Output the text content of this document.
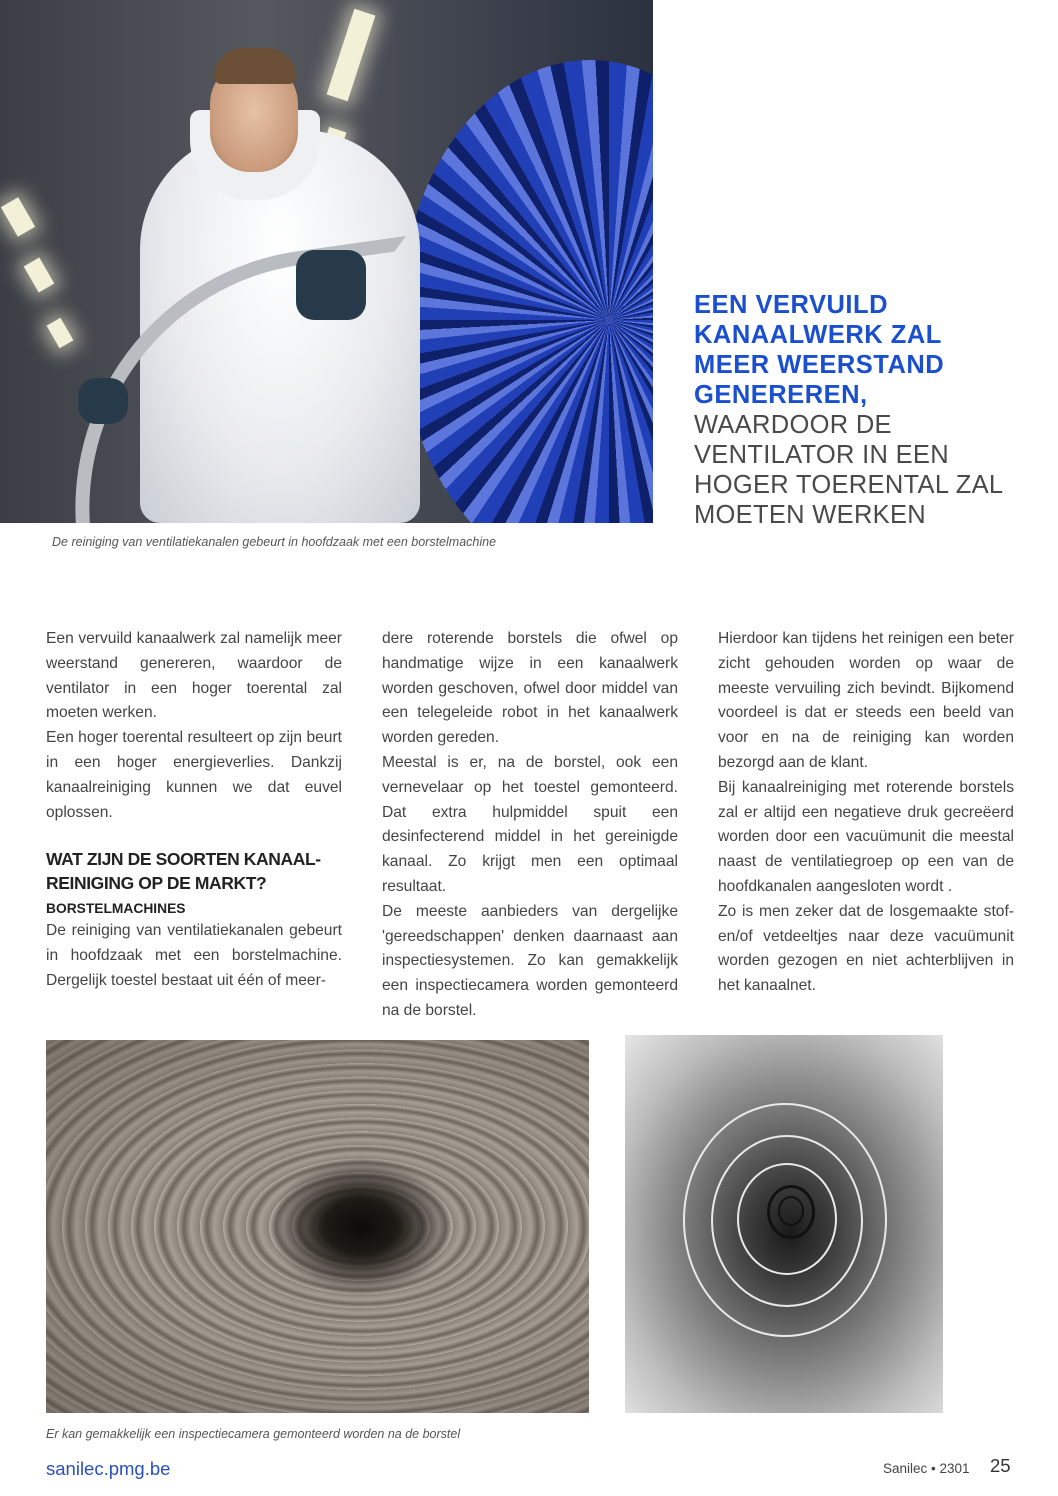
De reiniging van ventilatiekanalen gebeurt in hoofdzaak met een borstelmachine
EEN VERVUILD
KANAALWERK ZAL
MEER WEERSTAND
GENEREREN,
WAARDOOR DE
VENTILATOR IN EEN
HOGER TOERENTAL ZAL
MOETEN WERKEN

Een vervuild kanaalwerk zal namelijk meer weerstand genereren, waardoor de ventilator in een hoger toerental zal moeten werken.

Een hoger toerental resulteert op zijn beurt in een hoger energieverlies. Dankzij kanaalreiniging kunnen we dat euvel oplossen.

WAT ZIJN DE SOORTEN KANAAL-REINIGING OP DE MARKT?
BORSTELMACHINES

De reiniging van ventilatiekanalen gebeurt in hoofdzaak met een borstelmachine. Dergelijk toestel bestaat uit één of meer-

dere roterende borstels die ofwel op handmatige wijze in een kanaalwerk worden geschoven, ofwel door middel van een telegeleide robot in het kanaalwerk worden gereden.

Meestal is er, na de borstel, ook een vernevelaar op het toestel gemonteerd. Dat extra hulpmiddel spuit een desinfecterend middel in het gereinigde kanaal. Zo krijgt men een optimaal resultaat.

De meeste aanbieders van dergelijke 'gereedschappen' denken daarnaast aan inspectiesystemen. Zo kan gemakkelijk een inspectiecamera worden gemonteerd na de borstel.

Hierdoor kan tijdens het reinigen een beter zicht gehouden worden op waar de meeste vervuiling zich bevindt. Bijkomend voordeel is dat er steeds een beeld van voor en na de reiniging kan worden bezorgd aan de klant.

Bij kanaalreiniging met roterende borstels zal er altijd een negatieve druk gecreëerd worden door een vacuümunit die meestal naast de ventilatiegroep op een van de hoofdkanalen aangesloten wordt .

Zo is men zeker dat de losgemaakte stof-en/of vetdeeltjes naar deze vacuümunit worden gezogen en niet achterblijven in het kanaalnet.

Er kan gemakkelijk een inspectiecamera gemonteerd worden na de borstel
sanilec.pmg.be	Sanilec • 2301 25
